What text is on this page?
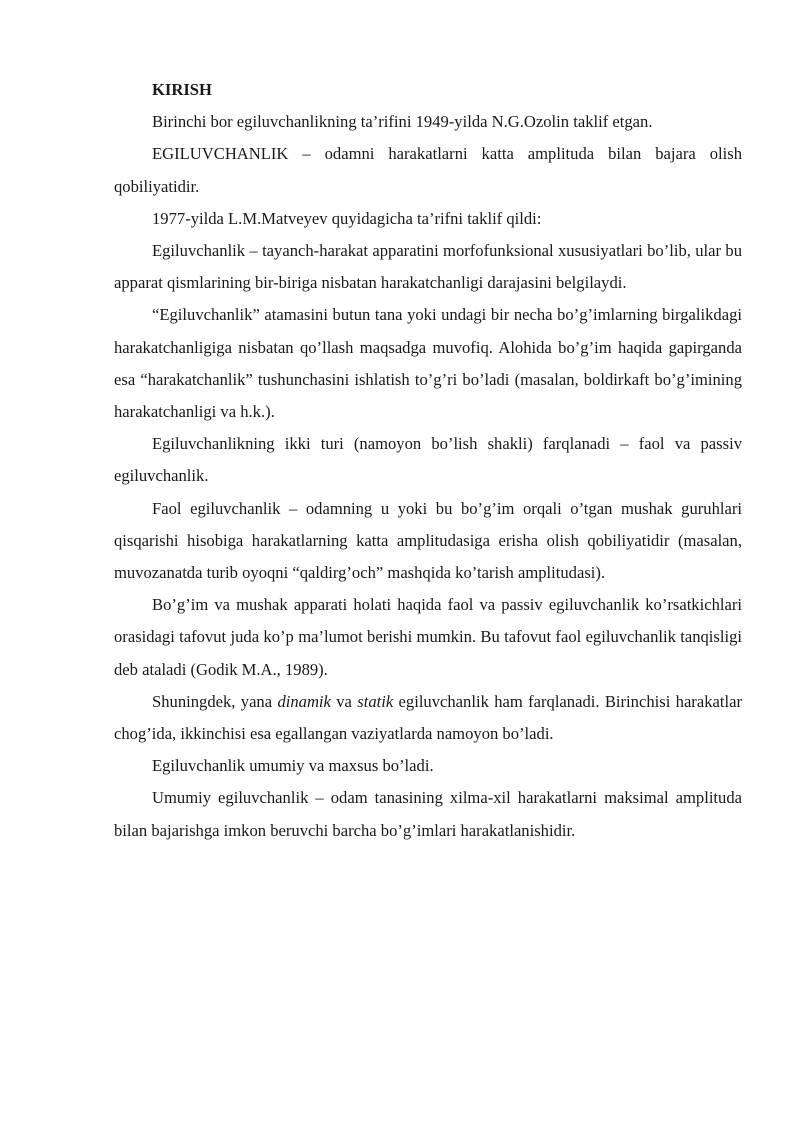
KIRISH

Birinchi bor egiluvchanlikning ta’rifini 1949-yilda N.G.Ozolin taklif etgan.

EGILUVCHANLIK – odamni harakatlarni katta amplituda bilan bajara olish qobiliyatidir.

1977-yilda L.M.Matveyev quyidagicha ta’rifni taklif qildi:

Egiluvchanlik – tayanch-harakat apparatini morfofunksional xususiyatlari bo’lib, ular bu apparat qismlarining bir-biriga nisbatan harakatchanligi darajasini belgilaydi.

“Egiluvchanlik” atamasini butun tana yoki undagi bir necha bo’g’imlarning birgalikdagi harakatchanligiga nisbatan qo’llash maqsadga muvofiq. Alohida bo’g’im haqida gapirganda esa “harakatchanlik” tushunchasini ishlatish to’g’ri bo’ladi (masalan, boldirkaft bo’g’imining harakatchanligi va h.k.).

Egiluvchanlikning ikki turi (namoyon bo’lish shakli) farqlanadi – faol va passiv egiluvchanlik.

Faol egiluvchanlik – odamning u yoki bu bo’g’im orqali o’tgan mushak guruhlari qisqarishi hisobiga harakatlarning katta amplitudasiga erisha olish qobiliyatidir (masalan, muvozanatda turib oyoqni “qaldirg’och” mashqida ko’tarish amplitudasi).

Bo’g’im va mushak apparati holati haqida faol va passiv egiluvchanlik ko’rsatkichlari orasidagi tafovut juda ko’p ma’lumot berishi mumkin. Bu tafovut faol egiluvchanlik tanqisligi deb ataladi (Godik M.A., 1989).

Shuningdek, yana dinamik va statik egiluvchanlik ham farqlanadi. Birinchisi harakatlar chog’ida, ikkinchisi esa egallangan vaziyatlarda namoyon bo’ladi.

Egiluvchanlik umumiy va maxsus bo’ladi.

Umumiy egiluvchanlik – odam tanasining xilma-xil harakatlarni maksimal amplituda bilan bajarishga imkon beruvchi barcha bo’g’imlari harakatlanishidir.
